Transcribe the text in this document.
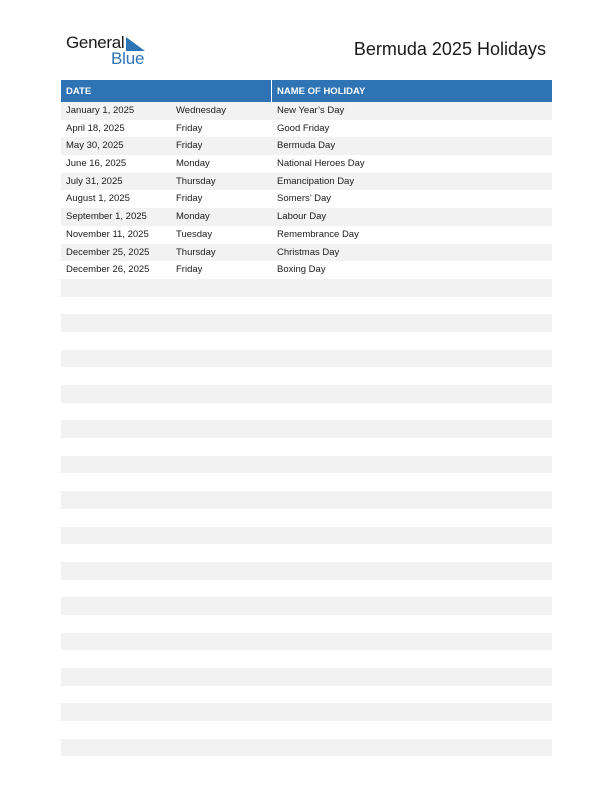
General
Blue	Bermuda 2025 Holidays
DATE	NAME OF HOLIDAY
January 1, 2025	Wednesday	New Year’s Day
April 18, 2025	Friday	Good Friday
May 30, 2025	Friday	Bermuda Day
June 16, 2025	Monday	National Heroes Day
July 31, 2025	Thursday	Emancipation Day
August 1, 2025	Friday	Somers’ Day
September 1, 2025	Monday	Labour Day
November 11, 2025	Tuesday	Remembrance Day
December 25, 2025	Thursday	Christmas Day
December 26, 2025	Friday	Boxing Day
